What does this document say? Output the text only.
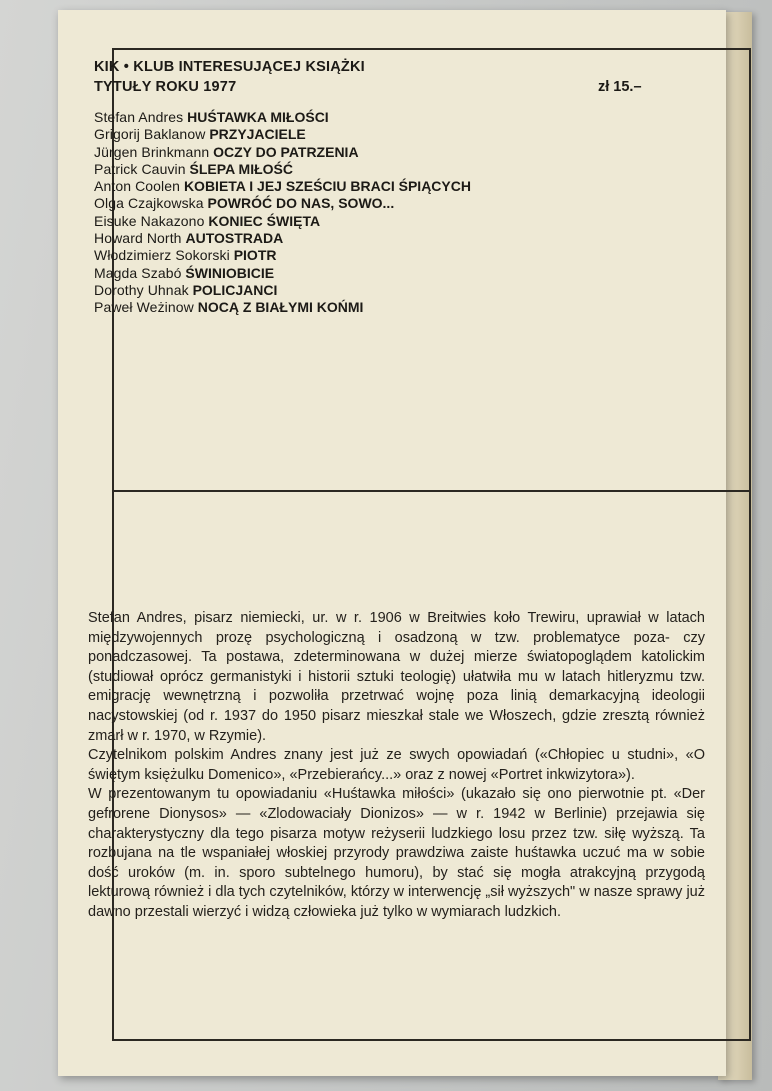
KIK • KLUB INTERESUJĄCEJ KSIĄŻKI
TYTUŁY ROKU 1977	zł 15.–
Stefan Andres HUŚTAWKA MIŁOŚCI
Grigorij Baklanow PRZYJACIELE
Jürgen Brinkmann OCZY DO PATRZENIA
Patrick Cauvin ŚLEPA MIŁOŚĆ
Anton Coolen KOBIETA I JEJ SZEŚCIU BRACI ŚPIĄCYCH
Olga Czajkowska POWRÓĆ DO NAS, SOWO...
Eisuke Nakazono KONIEC ŚWIĘTA
Howard North AUTOSTRADA
Włodzimierz Sokorski PIOTR
Magda Szabó ŚWINIOBICIE
Dorothy Uhnak POLICJANCI
Paweł Weżinow NOCĄ Z BIAŁYMI KOŃMI

Stefan Andres, pisarz niemiecki, ur. w r. 1906 w Breitwies koło Trewiru, uprawiał w latach międzywojennych prozę psychologiczną i osadzoną w tzw. problematyce poza- czy ponadczasowej. Ta postawa, zdeterminowana w dużej mierze światopoglądem katolickim (studiował oprócz germanistyki i historii sztuki teologię) ułatwiła mu w latach hitleryzmu tzw. emigrację wewnętrzną i pozwoliła przetrwać wojnę poza linią demarkacyjną ideologii nacystowskiej (od r. 1937 do 1950 pisarz mieszkał stale we Włoszech, gdzie zresztą również zmarł w r. 1970, w Rzymie).

Czytelnikom polskim Andres znany jest już ze swych opowiadań («Chłopiec u studni», «O świętym księżulku Domenico», «Przebierańcy...» oraz z nowej «Portret inkwizytora»).

W prezentowanym tu opowiadaniu «Huśtawka miłości» (ukazało się ono pierwotnie pt. «Der gefrorene Dionysos» — «Zlodowaciały Dionizos» — w r. 1942 w Berlinie) przejawia się charakterystyczny dla tego pisarza motyw reżyserii ludzkiego losu przez tzw. siłę wyższą. Ta rozbujana na tle wspaniałej włoskiej przyrody prawdziwa zaiste huśtawka uczuć ma w sobie dość uroków (m. in. sporo subtelnego humoru), by stać się mogła atrakcyjną przygodą lekturową również i dla tych czytelników, którzy w interwencję „sił wyższych" w nasze sprawy już dawno przestali wierzyć i widzą człowieka już tylko w wymiarach ludzkich.
